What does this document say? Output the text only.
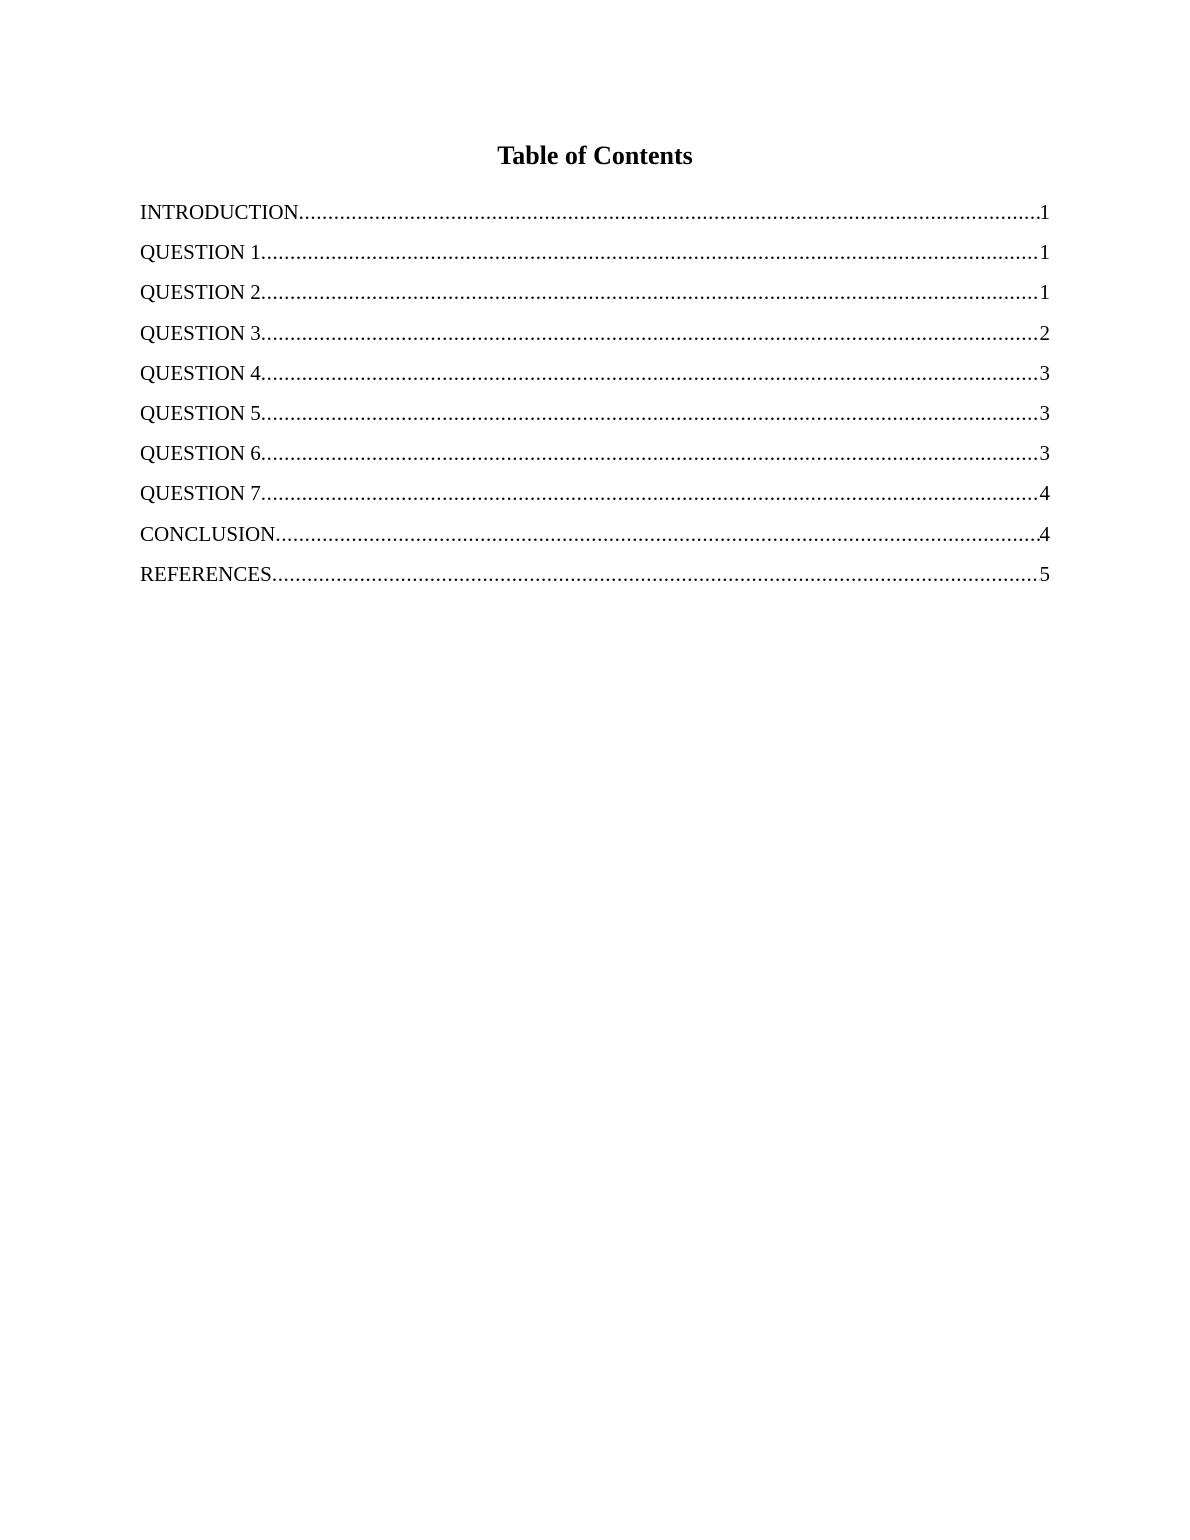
Table of Contents
INTRODUCTION .....	1
QUESTION 1 .....	1
QUESTION 2 .....	1
QUESTION 3 .....	2
QUESTION 4 .....	3
QUESTION 5 .....	3
QUESTION 6 .....	3
QUESTION 7 .....	4
CONCLUSION .....	4
REFERENCES .....	5
